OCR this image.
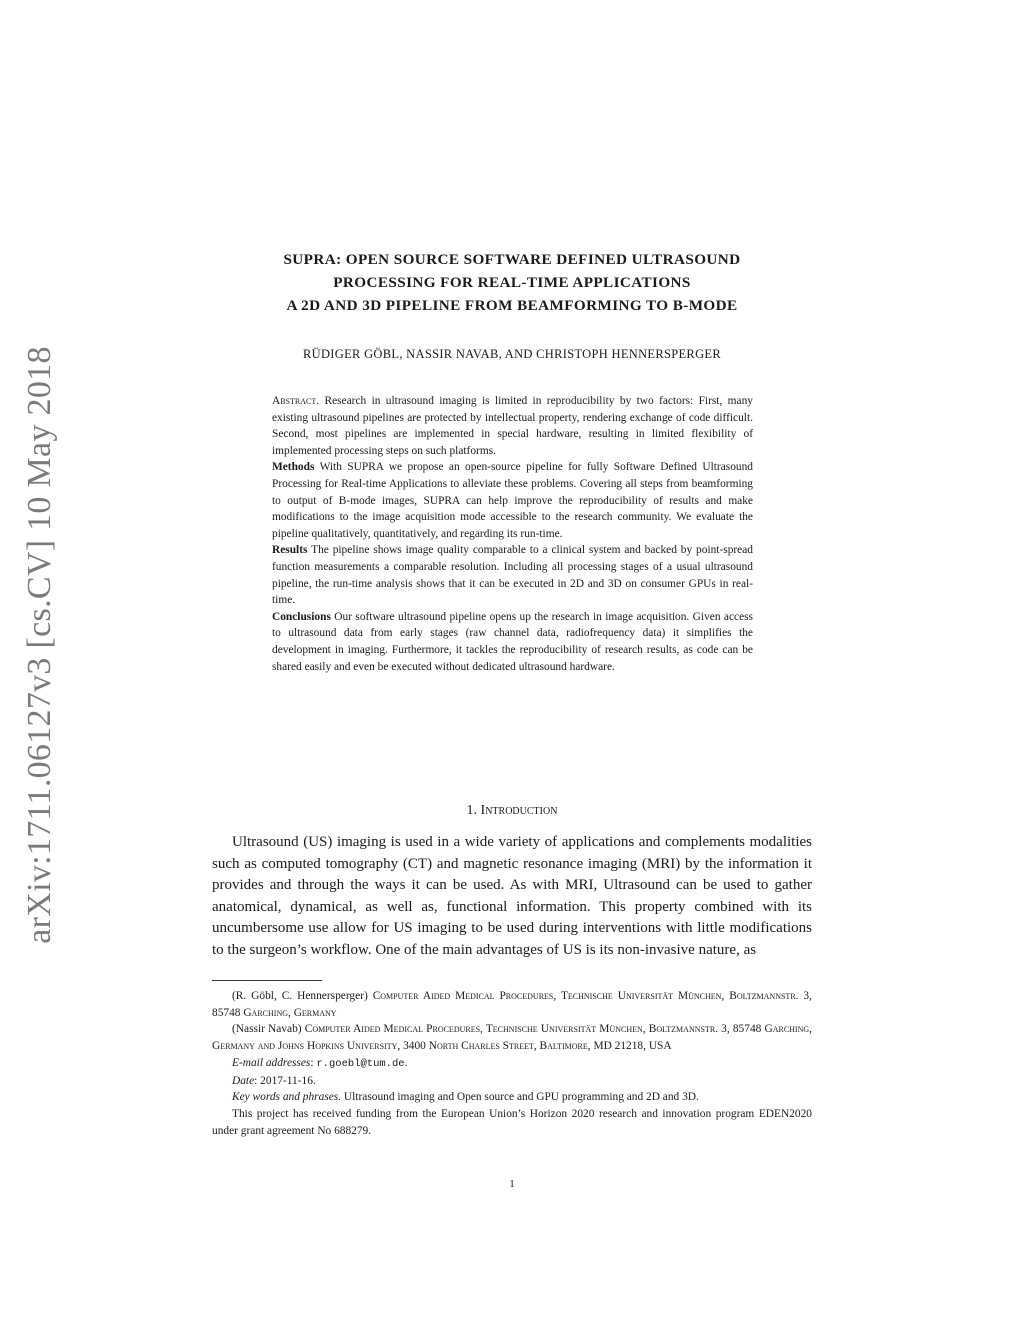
arXiv:1711.06127v3 [cs.CV] 10 May 2018
SUPRA: OPEN SOURCE SOFTWARE DEFINED ULTRASOUND
PROCESSING FOR REAL-TIME APPLICATIONS
A 2D AND 3D PIPELINE FROM BEAMFORMING TO B-MODE
RÜDIGER GÖBL, NASSIR NAVAB, AND CHRISTOPH HENNERSPERGER

Abstract. Research in ultrasound imaging is limited in reproducibility by two factors: First, many existing ultrasound pipelines are protected by intellectual property, rendering exchange of code difficult. Second, most pipelines are implemented in special hardware, resulting in limited flexibility of implemented processing steps on such platforms.

Methods With SUPRA we propose an open-source pipeline for fully Software Defined Ultrasound Processing for Real-time Applications to alleviate these problems. Covering all steps from beamforming to output of B-mode images, SUPRA can help improve the reproducibility of results and make modifications to the image acquisition mode accessible to the research community. We evaluate the pipeline qualitatively, quantitatively, and regarding its run-time.

Results The pipeline shows image quality comparable to a clinical system and backed by point-spread function measurements a comparable resolution. Including all processing stages of a usual ultrasound pipeline, the run-time analysis shows that it can be executed in 2D and 3D on consumer GPUs in real-time.

Conclusions Our software ultrasound pipeline opens up the research in image acquisition. Given access to ultrasound data from early stages (raw channel data, radiofrequency data) it simplifies the development in imaging. Furthermore, it tackles the reproducibility of research results, as code can be shared easily and even be executed without dedicated ultrasound hardware.

1. Introduction
Ultrasound (US) imaging is used in a wide variety of applications and complements modalities such as computed tomography (CT) and magnetic resonance imaging (MRI) by the information it provides and through the ways it can be used. As with MRI, Ultrasound can be used to gather anatomical, dynamical, as well as, functional information. This property combined with its uncumbersome use allow for US imaging to be used during interventions with little modifications to the surgeon’s workflow. One of the main advantages of US is its non-invasive nature, as

(R. Göbl, C. Hennersperger) Computer Aided Medical Procedures, Technische Universität München, Boltzmannstr. 3, 85748 Garching, Germany

(Nassir Navab) Computer Aided Medical Procedures, Technische Universität München, Boltzmannstr. 3, 85748 Garching, Germany and Johns Hopkins University, 3400 North Charles Street, Baltimore, MD 21218, USA

E-mail addresses: r.goebl@tum.de.

Date: 2017-11-16.

Key words and phrases. Ultrasound imaging and Open source and GPU programming and 2D and 3D.

This project has received funding from the European Union’s Horizon 2020 research and innovation program EDEN2020 under grant agreement No 688279.

1
